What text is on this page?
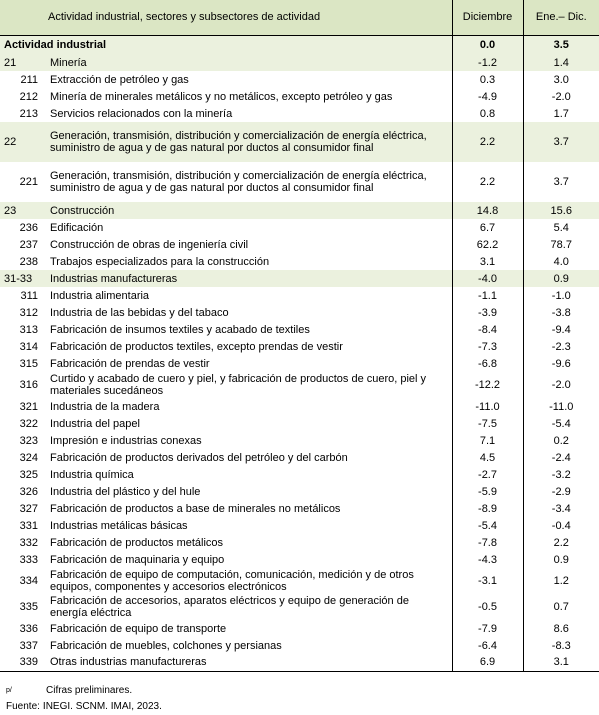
Actividad industrial, sectores y subsectores de actividad		Diciembre	Ene.– Dic.
Actividad industrial		0.0	3.5
21	Minería	-1.2	1.4
211	Extracción de petróleo y gas	0.3	3.0
212	Minería de minerales metálicos y no metálicos, excepto petróleo y gas	-4.9	-2.0
213	Servicios relacionados con la minería	0.8	1.7
22	Generación, transmisión, distribución y comercialización de energía eléctrica, suministro de agua y de gas natural por ductos al consumidor final	2.2	3.7
221	Generación, transmisión, distribución y comercialización de energía eléctrica, suministro de agua y de gas natural por ductos al consumidor final	2.2	3.7
23	Construcción	14.8	15.6
236	Edificación	6.7	5.4
237	Construcción de obras de ingeniería civil	62.2	78.7
238	Trabajos especializados para la construcción	3.1	4.0
31-33	Industrias manufactureras	-4.0	0.9
311	Industria alimentaria	-1.1	-1.0
312	Industria de las bebidas y del tabaco	-3.9	-3.8
313	Fabricación de insumos textiles y acabado de textiles	-8.4	-9.4
314	Fabricación de productos textiles, excepto prendas de vestir	-7.3	-2.3
315	Fabricación de prendas de vestir	-6.8	-9.6
316	Curtido y acabado de cuero y piel, y fabricación de productos de cuero, piel y materiales sucedáneos	-12.2	-2.0
321	Industria de la madera	-11.0	-11.0
322	Industria del papel	-7.5	-5.4
323	Impresión e industrias conexas	7.1	0.2
324	Fabricación de productos derivados del petróleo y del carbón	4.5	-2.4
325	Industria química	-2.7	-3.2
326	Industria del plástico y del hule	-5.9	-2.9
327	Fabricación de productos a base de minerales no metálicos	-8.9	-3.4
331	Industrias metálicas básicas	-5.4	-0.4
332	Fabricación de productos metálicos	-7.8	2.2
333	Fabricación de maquinaria y equipo	-4.3	0.9
334	Fabricación de equipo de computación, comunicación, medición y de otros equipos, componentes y accesorios electrónicos	-3.1	1.2
335	Fabricación de accesorios, aparatos eléctricos y equipo de generación de energía eléctrica	-0.5	0.7
336	Fabricación de equipo de transporte	-7.9	8.6
337	Fabricación de muebles, colchones y persianas	-6.4	-8.3
339	Otras industrias manufactureras	6.9	3.1
$^{p/}$	Cifras preliminares.
Fuente: INEGI. SCNM. IMAI, 2023.
